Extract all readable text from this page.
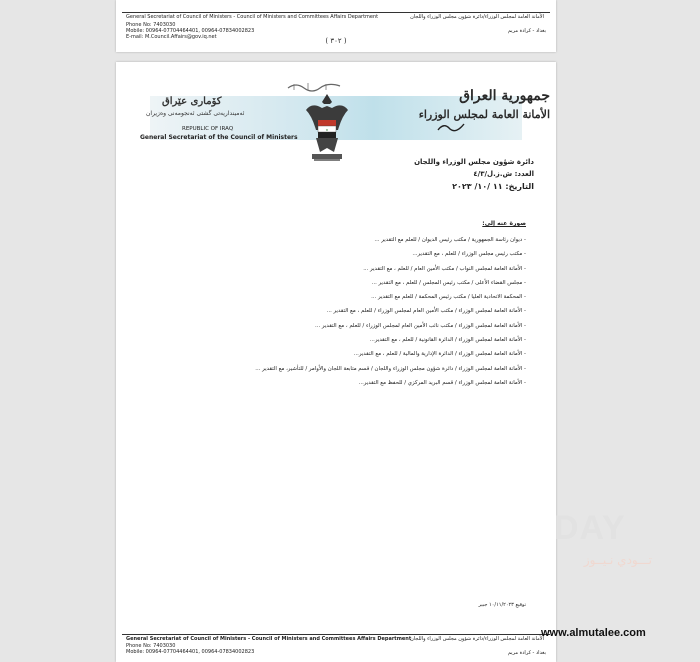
الأمانة العامة لمجلس الوزراء/دائرة شؤون مجلس الوزراء واللجان
General Secretariat of Council of Ministers - Council of Ministers and Committees Affairs Department
Phone No: 7403030
Mobile: 00964-07704464401, 00964-07834002823
E-mail: M.Council.Affairs@gov.iq.net
بغداد - كرادة مريم
( ٣٠٢ )
★
جمهورية العراق
الأمانة العامة لمجلس الوزراء
كۆماری عێراق
ئەمینداریەتی گشتی ئەنجومەنی وەزیران
REPUBLIC OF IRAQ
General Secretariat of the Council of Ministers
دائرة شؤون مجلس الوزراء واللجان
العدد: ش.ز.ل/٤/٣
التاريخ: ١١ /١٠/ ٢٠٢٣
صورة عنه إلى:
- ديوان رئاسة الجمهورية / مكتب رئيس الديوان / للعلم مع التقدير ...
- مكتب رئيس مجلس الوزراء / للعلم ، مع التقدير...
- الأمانة العامة لمجلس النواب / مكتب الأمين العام / للعلم ، مع التقدير ...
- مجلس القضاء الأعلى / مكتب رئيس المجلس / للعلم ، مع التقدير ...
- المحكمة الاتحادية العليا / مكتب رئيس المحكمة / للعلم مع التقدير ...
- الأمانة العامة لمجلس الوزراء / مكتب الأمين العام لمجلس الوزراء / للعلم ، مع التقدير ...
- الأمانة العامة لمجلس الوزراء / مكتب نائب الأمين العام لمجلس الوزراء / للعلم ، مع التقدير ...
- الأمانة العامة لمجلس الوزراء / الدائرة القانونية / للعلم ، مع التقدير...
- الأمانة العامة لمجلس الوزراء / الدائرة الإدارية والمالية / للعلم ، مع التقدير...
- الأمانة العامة لمجلس الوزراء / دائرة شؤون مجلس الوزراء واللجان / قسم متابعة اللجان والأوامر / للتأشير، مع التقدير ...
- الأمانة العامة لمجلس الوزراء / قسم البريد المركزي / للحفظ مع التقدير...
توقيع ١٠/١١/٢٠٢٣ جبير
الأمانة العامة لمجلس الوزراء/دائرة شؤون مجلس الوزراء واللجان
General Secretariat of Council of Ministers - Council of Ministers and Committees Affairs Department
Phone No: 7403030
Mobile: 00964-07704464401, 00964-07834002823	بغداد - كرادة مريم
DAY
تـــودي نـيــوز
www.almutalee.com
